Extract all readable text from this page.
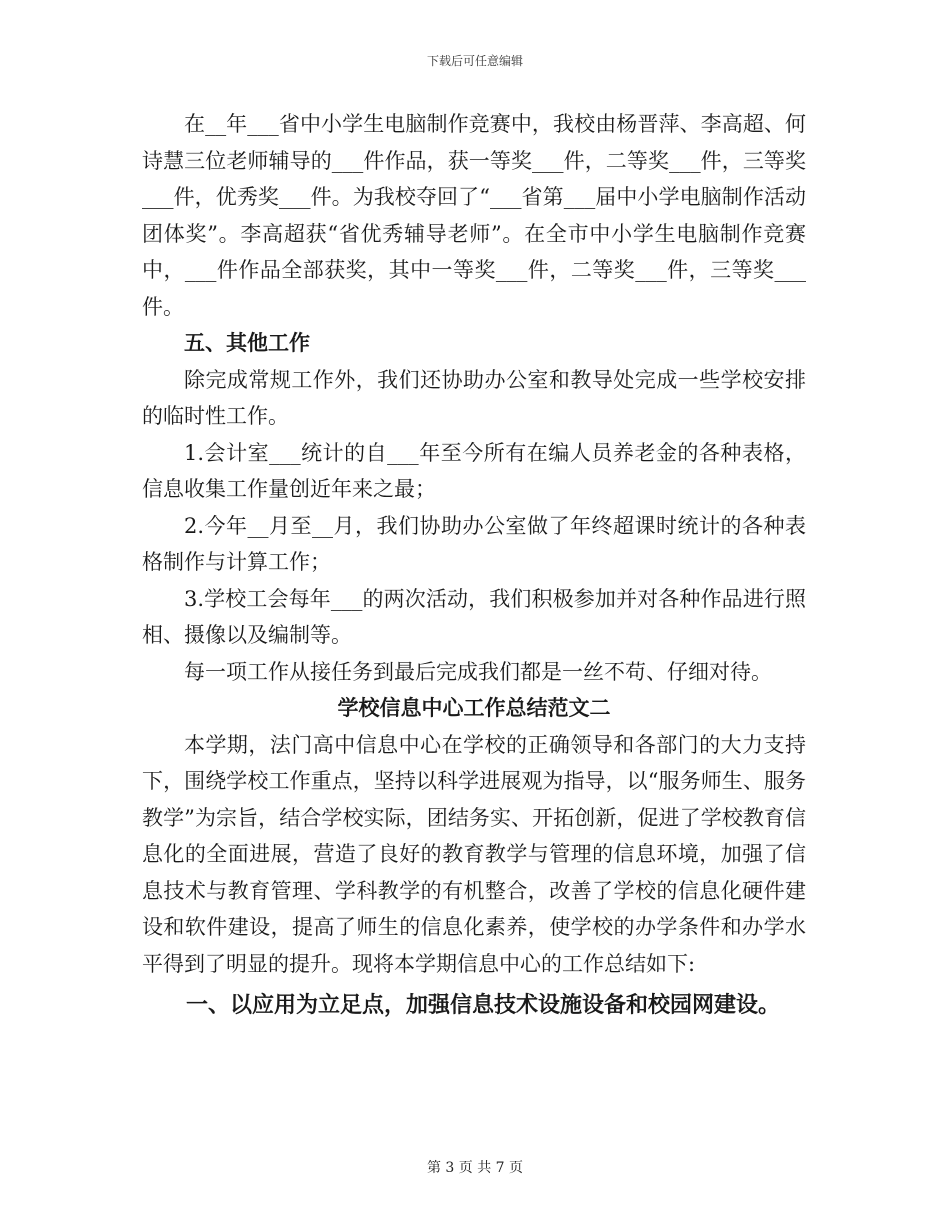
下载后可任意编辑

在__年___省中小学生电脑制作竞赛中，我校由杨晋萍、李高超、何诗慧三位老师辅导的___件作品，获一等奖___件，二等奖___件，三等奖___件，优秀奖___件。为我校夺回了“___省第___届中小学电脑制作活动团体奖”。李高超获“省优秀辅导老师”。在全市中小学生电脑制作竞赛中，___件作品全部获奖，其中一等奖___件，二等奖___件，三等奖___件。

五、其他工作

除完成常规工作外，我们还协助办公室和教导处完成一些学校安排的临时性工作。

1.会计室___统计的自___年至今所有在编人员养老金的各种表格，信息收集工作量创近年来之最；

2.今年__月至__月，我们协助办公室做了年终超课时统计的各种表格制作与计算工作；

3.学校工会每年___的两次活动，我们积极参加并对各种作品进行照相、摄像以及编制等。

每一项工作从接任务到最后完成我们都是一丝不苟、仔细对待。

学校信息中心工作总结范文二

本学期，法门高中信息中心在学校的正确领导和各部门的大力支持下，围绕学校工作重点，坚持以科学进展观为指导，以“服务师生、服务教学”为宗旨，结合学校实际，团结务实、开拓创新，促进了学校教育信息化的全面进展，营造了良好的教育教学与管理的信息环境，加强了信息技术与教育管理、学科教学的有机整合，改善了学校的信息化硬件建设和软件建设，提高了师生的信息化素养，使学校的办学条件和办学水平得到了明显的提升。现将本学期信息中心的工作总结如下:

一、以应用为立足点，加强信息技术设施设备和校园网建设。

第 3 页 共 7 页
